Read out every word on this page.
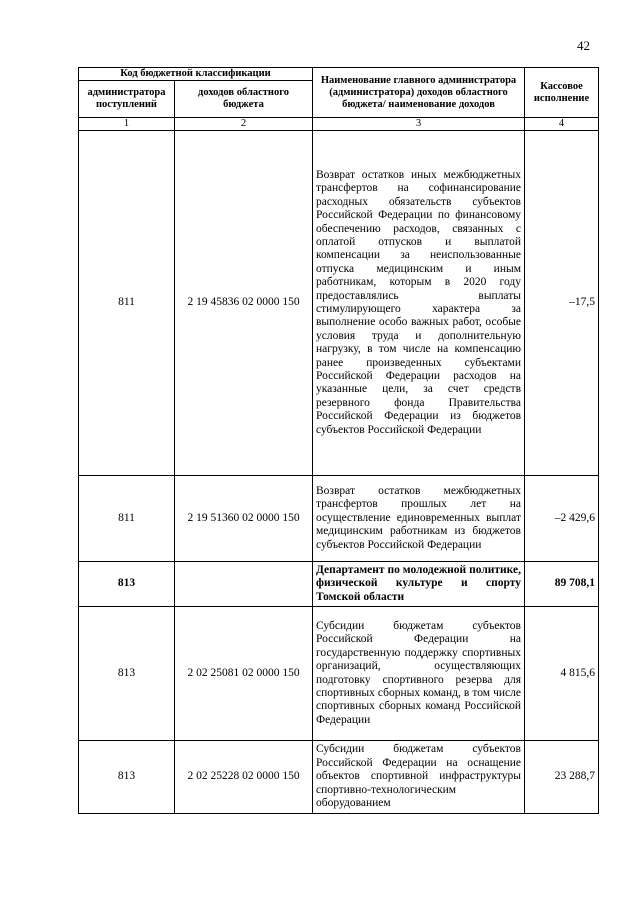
42
Код бюджетной классификации		Наименование главного администратора (администратора) доходов областного бюджета/ наименование доходов	Кассовое исполнение
администратора поступлений	доходов областного бюджета		
1	2	3	4
811	2 19 45836 02 0000 150	Возврат остатков иных межбюджетных трансфертов на софинансирование расходных обязательств субъектов Российской Федерации по финансовому обеспечению расходов, связанных с оплатой отпусков и выплатой компенсации за неиспользованные отпуска медицинским и иным работникам, которым в 2020 году предоставлялись выплаты стимулирующего характера за выполнение особо важных работ, особые условия труда и дополнительную нагрузку, в том числе на компенсацию ранее произведенных субъектами Российской Федерации расходов на указанные цели, за счет средств резервного фонда Правительства Российской Федерации из бюджетов субъектов Российской Федерации	–17,5
811	2 19 51360 02 0000 150	Возврат остатков межбюджетных трансфертов прошлых лет на осуществление единовременных выплат медицинским работникам из бюджетов субъектов Российской Федерации	–2 429,6
813		Департамент по молодежной политике, физической культуре и спорту Томской области	89 708,1
813	2 02 25081 02 0000 150	Субсидии бюджетам субъектов Российской Федерации на государственную поддержку спортивных организаций, осуществляющих подготовку спортивного резерва для спортивных сборных команд, в том числе спортивных сборных команд Российской Федерации	4 815,6
813	2 02 25228 02 0000 150	Субсидии бюджетам субъектов Российской Федерации на оснащение объектов спортивной инфраструктуры спортивно-технологическим оборудованием	23 288,7
